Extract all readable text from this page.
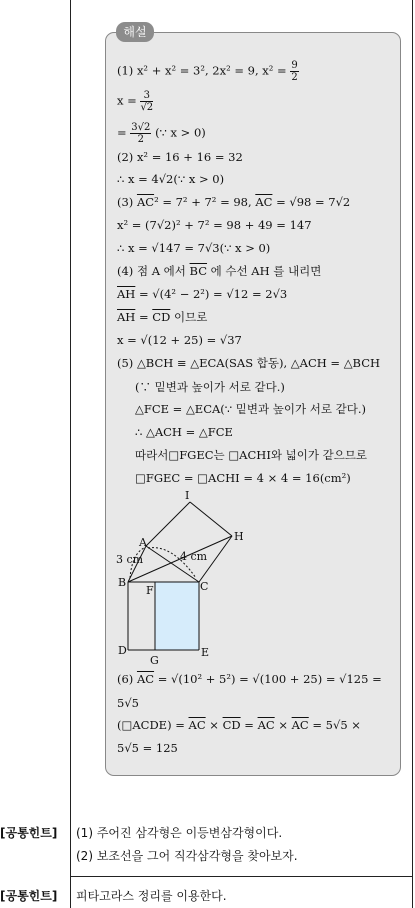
해설
(1) x² + x² = 3², 2x² = 9, $x^2 = \frac{9}{2}$
$x = \frac{3}{√2}$
= $\frac{3√2}{2}$ (∵ x > 0)
(2) x² = 16 + 16 = 32
∴ x = 4√2(∵ x > 0)
(3) $\overline{AC}^2 = 7^2 + 7^2 = 98$, $\overline{AC} = √98 = 7√2$
x² = (7√2)² + 7² = 98 + 49 = 147
∴ x = √147 = 7√3(∵ x > 0)
(4) 점 A 에서 $\overline{BC}$ 에 수선 AH 를 내리면
$\overline{AH} = √(4^2 - 2^2) = √12 = 2√3$
$\overline{AH} = \overline{CD}$ 이므로
x = √(12 + 25) = √37
(5) △BCH ≡ △ECA(SAS 합동), △ACH = △BCH
(∵ 밑변과 높이가 서로 같다.)
△FCE = △ECA(∵ 밑변과 높이가 서로 같다.)
∴ △ACH = △FCE
따라서□FGEC는 □ACHI와 넓이가 같으므로
□FGEC = □ACHI = 4 × 4 = 16(cm²)
I
A	H
B	C
F
D
G
E
3 cm	4 cm
(6) $\overline{AC} = √(10^2 + 5^2) = √(100 + 25) = √125$ =
5√5
(□ACDE) = $\overline{AC} \times \overline{CD} = \overline{AC} \times \overline{AC} = 5√5$ ×
5√5 = 125
[공통힌트] (1) 주어진 삼각형은 이등변삼각형이다.
(2) 보조선을 그어 직각삼각형을 찾아보자.
[공통힌트] 피타고라스 정리를 이용한다.
